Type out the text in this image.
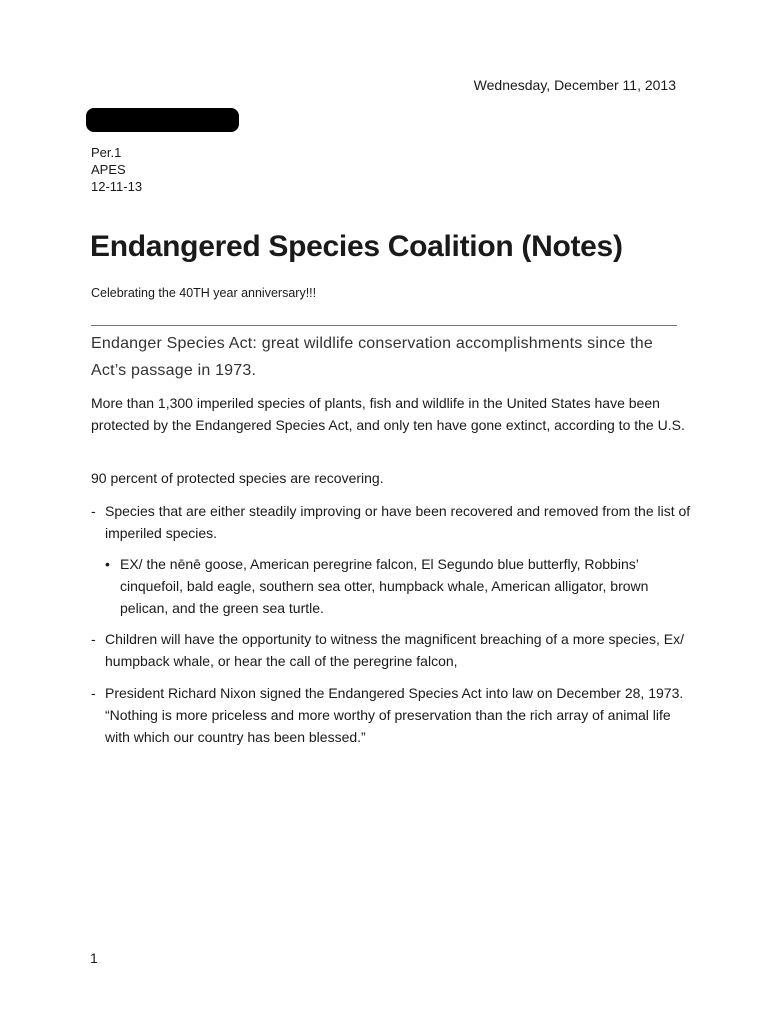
Wednesday, December 11, 2013
Per.1
APES
12-11-13
Endangered Species Coalition (Notes)
Celebrating the 40TH year anniversary!!!
Endanger Species Act: great wildlife conservation accomplishments since the Act’s passage in 1973.
More than 1,300 imperiled species of plants, fish and wildlife in the United States have been protected by the Endangered Species Act, and only ten have gone extinct, according to the U.S.
90 percent of protected species are recovering.
- Species that are either steadily improving or have been recovered and removed from the list of imperiled species.
• EX/ the nēnē goose, American peregrine falcon, El Segundo blue butterfly, Robbins’ cinquefoil, bald eagle, southern sea otter, humpback whale, American alligator, brown pelican, and the green sea turtle.
- Children will have the opportunity to witness the magnificent breaching of a more species, Ex/ humpback whale, or hear the call of the peregrine falcon,
- President Richard Nixon signed the Endangered Species Act into law on December 28, 1973. “Nothing is more priceless and more worthy of preservation than the rich array of animal life with which our country has been blessed.”
1
